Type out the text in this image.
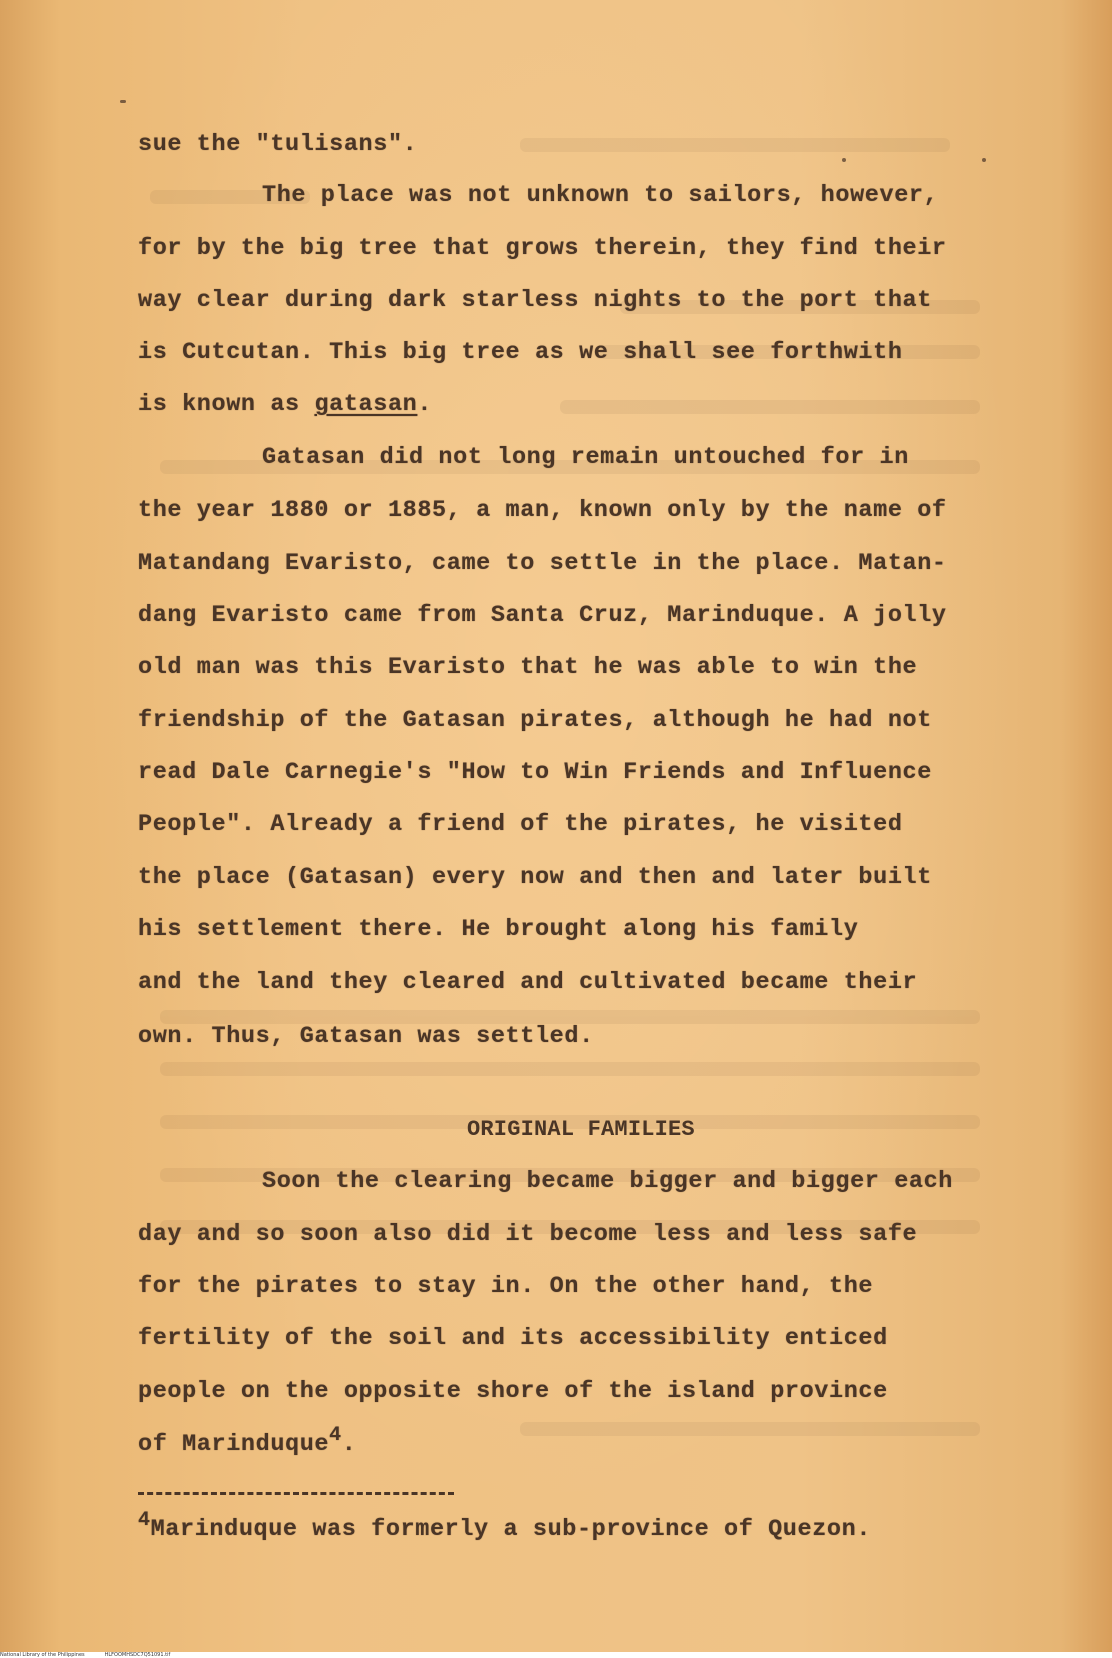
sue the "tulisans".
The place was not unknown to sailors, however,
for by the big tree that grows therein, they find their
way clear during dark starless nights to the port that
is Cutcutan. This big tree as we shall see forthwith
is known as gatasan.
Gatasan did not long remain untouched for in
the year 1880 or 1885, a man, known only by the name of
Matandang Evaristo, came to settle in the place. Matan-
dang Evaristo came from Santa Cruz, Marinduque. A jolly
old man was this Evaristo that he was able to win the
friendship of the Gatasan pirates, although he had not
read Dale Carnegie's "How to Win Friends and Influence
People". Already a friend of the pirates, he visited
the place (Gatasan) every now and then and later built
his settlement there. He brought along his family
and the land they cleared and cultivated became their
own. Thus, Gatasan was settled.
ORIGINAL FAMILIES
Soon the clearing became bigger and bigger each
day and so soon also did it become less and less safe
for the pirates to stay in. On the other hand, the
fertility of the soil and its accessibility enticed
people on the opposite shore of the island province
of Marinduque$^4$.
$^4$Marinduque was formerly a sub-province of Quezon.
National Library of the Philippines	HLFOOMHSDC7Q51091.tif
